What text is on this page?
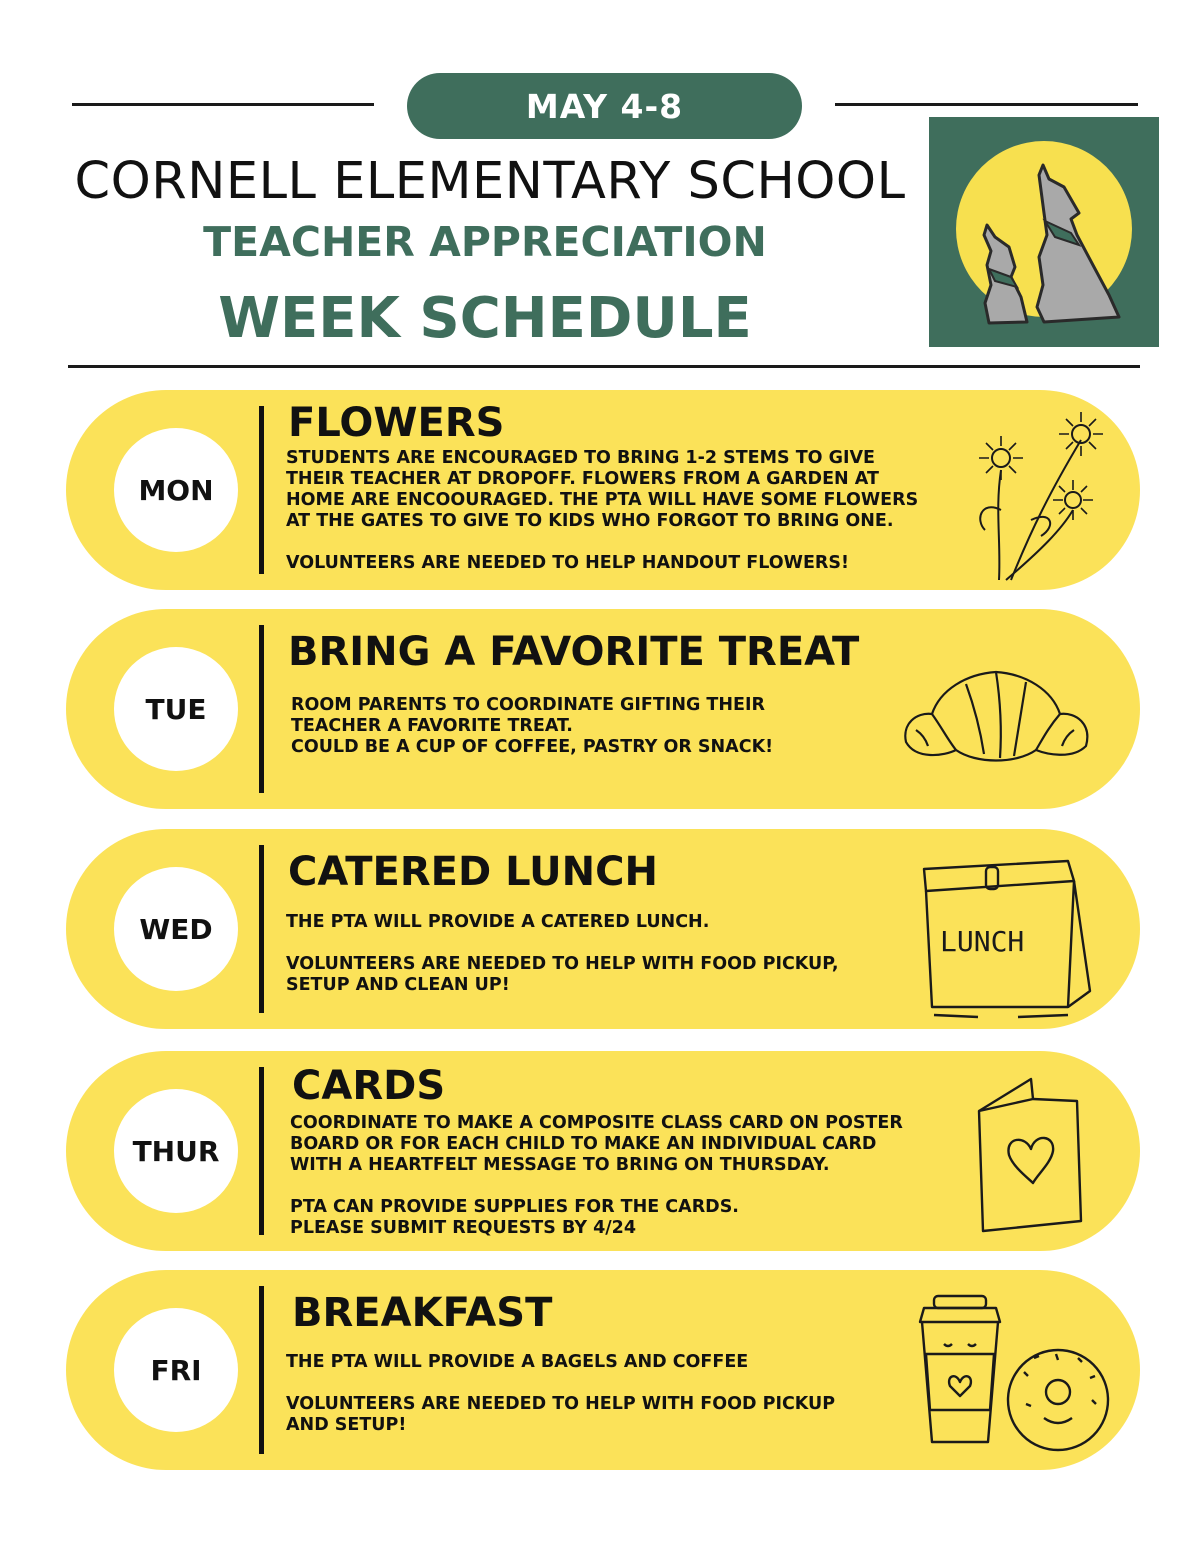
MAY 4-8
CORNELL ELEMENTARY SCHOOL
TEACHER APPRECIATION
WEEK SCHEDULE
MON
FLOWERS
STUDENTS ARE ENCOURAGED TO BRING 1-2 STEMS TO GIVE
THEIR TEACHER AT DROPOFF. FLOWERS FROM A GARDEN AT
HOME ARE ENCOOURAGED. THE PTA WILL HAVE SOME FLOWERS
AT THE GATES TO GIVE TO KIDS WHO FORGOT TO BRING ONE.

VOLUNTEERS ARE NEEDED TO HELP HANDOUT FLOWERS!
TUE
BRING A FAVORITE TREAT
ROOM PARENTS TO COORDINATE GIFTING THEIR
TEACHER A FAVORITE TREAT.
COULD BE A CUP OF COFFEE, PASTRY OR SNACK!
WED
CATERED LUNCH
THE PTA WILL PROVIDE A CATERED LUNCH.

VOLUNTEERS ARE NEEDED TO HELP WITH FOOD PICKUP,
SETUP AND CLEAN UP!
LUNCH
THUR
CARDS
COORDINATE TO MAKE A COMPOSITE CLASS CARD ON POSTER
BOARD OR FOR EACH CHILD TO MAKE AN INDIVIDUAL CARD
WITH A HEARTFELT MESSAGE TO BRING ON THURSDAY.

PTA CAN PROVIDE SUPPLIES FOR THE CARDS.
PLEASE SUBMIT REQUESTS BY 4/24
FRI
BREAKFAST
THE PTA WILL PROVIDE A BAGELS AND COFFEE

VOLUNTEERS ARE NEEDED TO HELP WITH FOOD PICKUP
AND SETUP!
